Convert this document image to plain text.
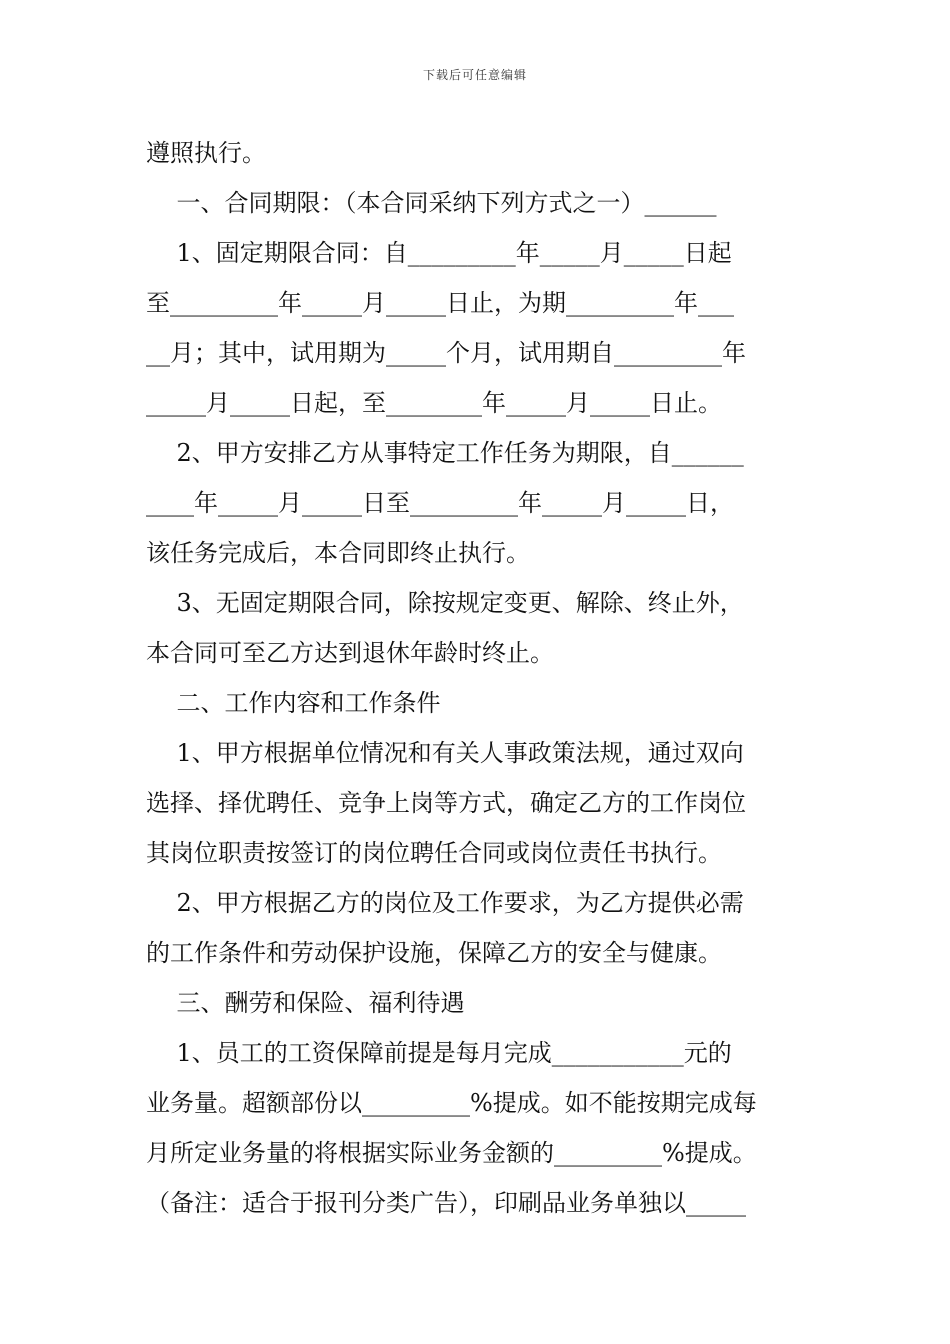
下载后可任意编辑
遵照执行。
一、合同期限：（本合同采纳下列方式之一）______
1、固定期限合同：自_________年_____月_____日起
至_________年_____月_____日止，为期_________年___
__月；其中，试用期为_____个月，试用期自_________年
_____月_____日起，至________年_____月_____日止。
2、甲方安排乙方从事特定工作任务为期限，自______
____年_____月_____日至_________年_____月_____日，
该任务完成后，本合同即终止执行。
3、无固定期限合同，除按规定变更、解除、终止外，
本合同可至乙方达到退休年龄时终止。
二、工作内容和工作条件
1、甲方根据单位情况和有关人事政策法规，通过双向
选择、择优聘任、竞争上岗等方式，确定乙方的工作岗位
其岗位职责按签订的岗位聘任合同或岗位责任书执行。
2、甲方根据乙方的岗位及工作要求，为乙方提供必需
的工作条件和劳动保护设施，保障乙方的安全与健康。
三、酬劳和保险、福利待遇
1、员工的工资保障前提是每月完成___________元的
业务量。超额部份以_________%提成。如不能按期完成每
月所定业务量的将根据实际业务金额的_________%提成。
（备注：适合于报刊分类广告），印刷品业务单独以_____
